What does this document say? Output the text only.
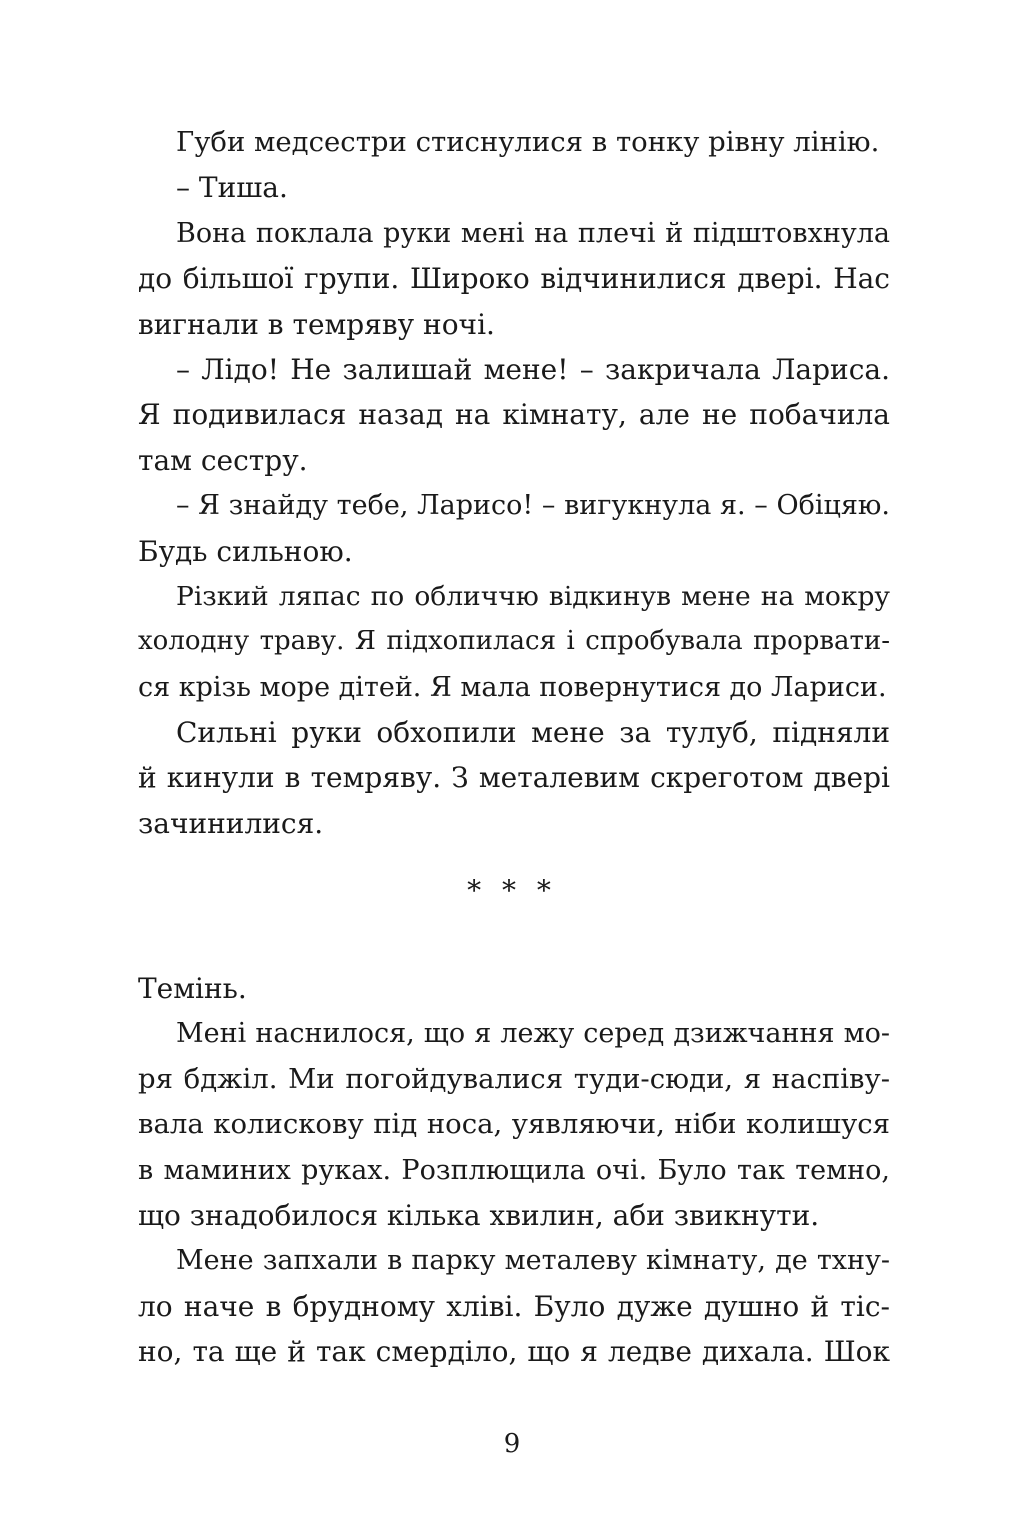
Губи медсестри стиснулися в тонку рівну лінію.
– Тиша.
Вона поклала руки мені на плечі й підштовхнула
до більшої групи. Широко відчинилися двері. Нас
вигнали в темряву ночі.
– Лідо! Не залишай мене! – закричала Лариса.
Я подивилася назад на кімнату, але не побачила
там сестру.
– Я знайду тебе, Ларисо! – вигукнула я. – Обіцяю.
Будь сильною.
Різкий ляпас по обличчю відкинув мене на мокру
холодну траву. Я підхопилася і спробувала прорвати-
ся крізь море дітей. Я мала повернутися до Лариси.
Сильні руки обхопили мене за тулуб, підняли
й кинули в темряву. З металевим скреготом двері
зачинилися.
* * *
Темінь.
Мені наснилося, що я лежу серед дзижчання мо-
ря бджіл. Ми погойдувалися туди-сюди, я наспіву-
вала колискову під носа, уявляючи, ніби колишуся
в маминих руках. Розплющила очі. Було так темно,
що знадобилося кілька хвилин, аби звикнути.
Мене запхали в парку металеву кімнату, де тхну-
ло наче в брудному хліві. Було дуже душно й тіс-
но, та ще й так смерділо, що я ледве дихала. Шок
9
